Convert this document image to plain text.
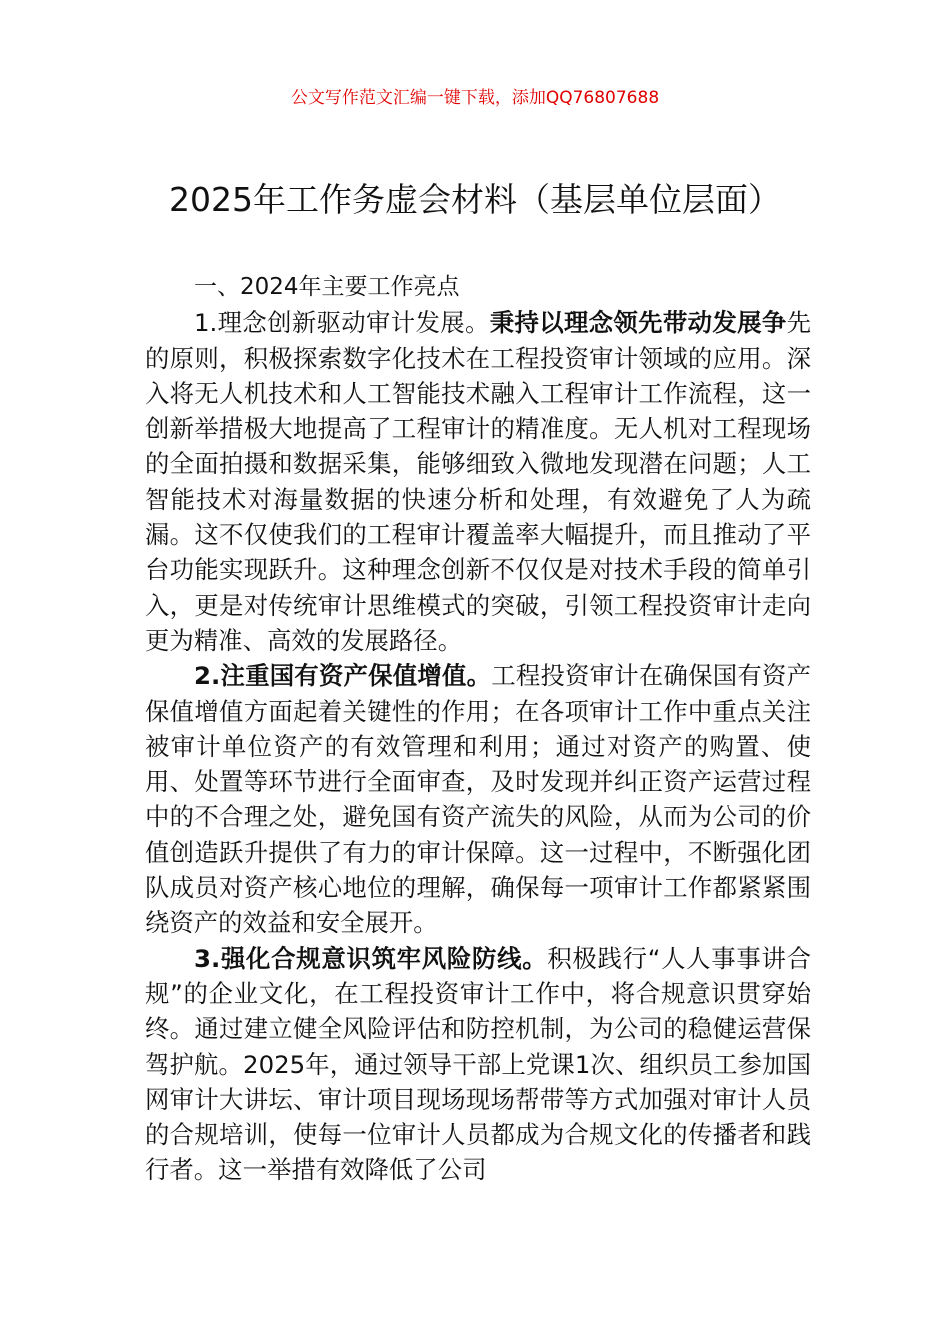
公文写作范文汇编一键下载，添加QQ76807688
2025年工作务虚会材料（基层单位层面）
一、2024年主要工作亮点

1.理念创新驱动审计发展。秉持以理念领先带动发展争先的原则，积极探索数字化技术在工程投资审计领域的应用。深入将无人机技术和人工智能技术融入工程审计工作流程，这一创新举措极大地提高了工程审计的精准度。无人机对工程现场的全面拍摄和数据采集，能够细致入微地发现潜在问题；人工智能技术对海量数据的快速分析和处理，有效避免了人为疏漏。这不仅使我们的工程审计覆盖率大幅提升，而且推动了平台功能实现跃升。这种理念创新不仅仅是对技术手段的简单引入，更是对传统审计思维模式的突破，引领工程投资审计走向更为精准、高效的发展路径。

2.注重国有资产保值增值。工程投资审计在确保国有资产保值增值方面起着关键性的作用；在各项审计工作中重点关注被审计单位资产的有效管理和利用；通过对资产的购置、使用、处置等环节进行全面审查，及时发现并纠正资产运营过程中的不合理之处，避免国有资产流失的风险，从而为公司的价值创造跃升提供了有力的审计保障。这一过程中，不断强化团队成员对资产核心地位的理解，确保每一项审计工作都紧紧围绕资产的效益和安全展开。

3.强化合规意识筑牢风险防线。积极践行“人人事事讲合规”的企业文化，在工程投资审计工作中，将合规意识贯穿始终。通过建立健全风险评估和防控机制，为公司的稳健运营保驾护航。2025年，通过领导干部上党课1次、组织员工参加国网审计大讲坛、审计项目现场现场帮带等方式加强对审计人员的合规培训，使每一位审计人员都成为合规文化的传播者和践行者。这一举措有效降低了公司
